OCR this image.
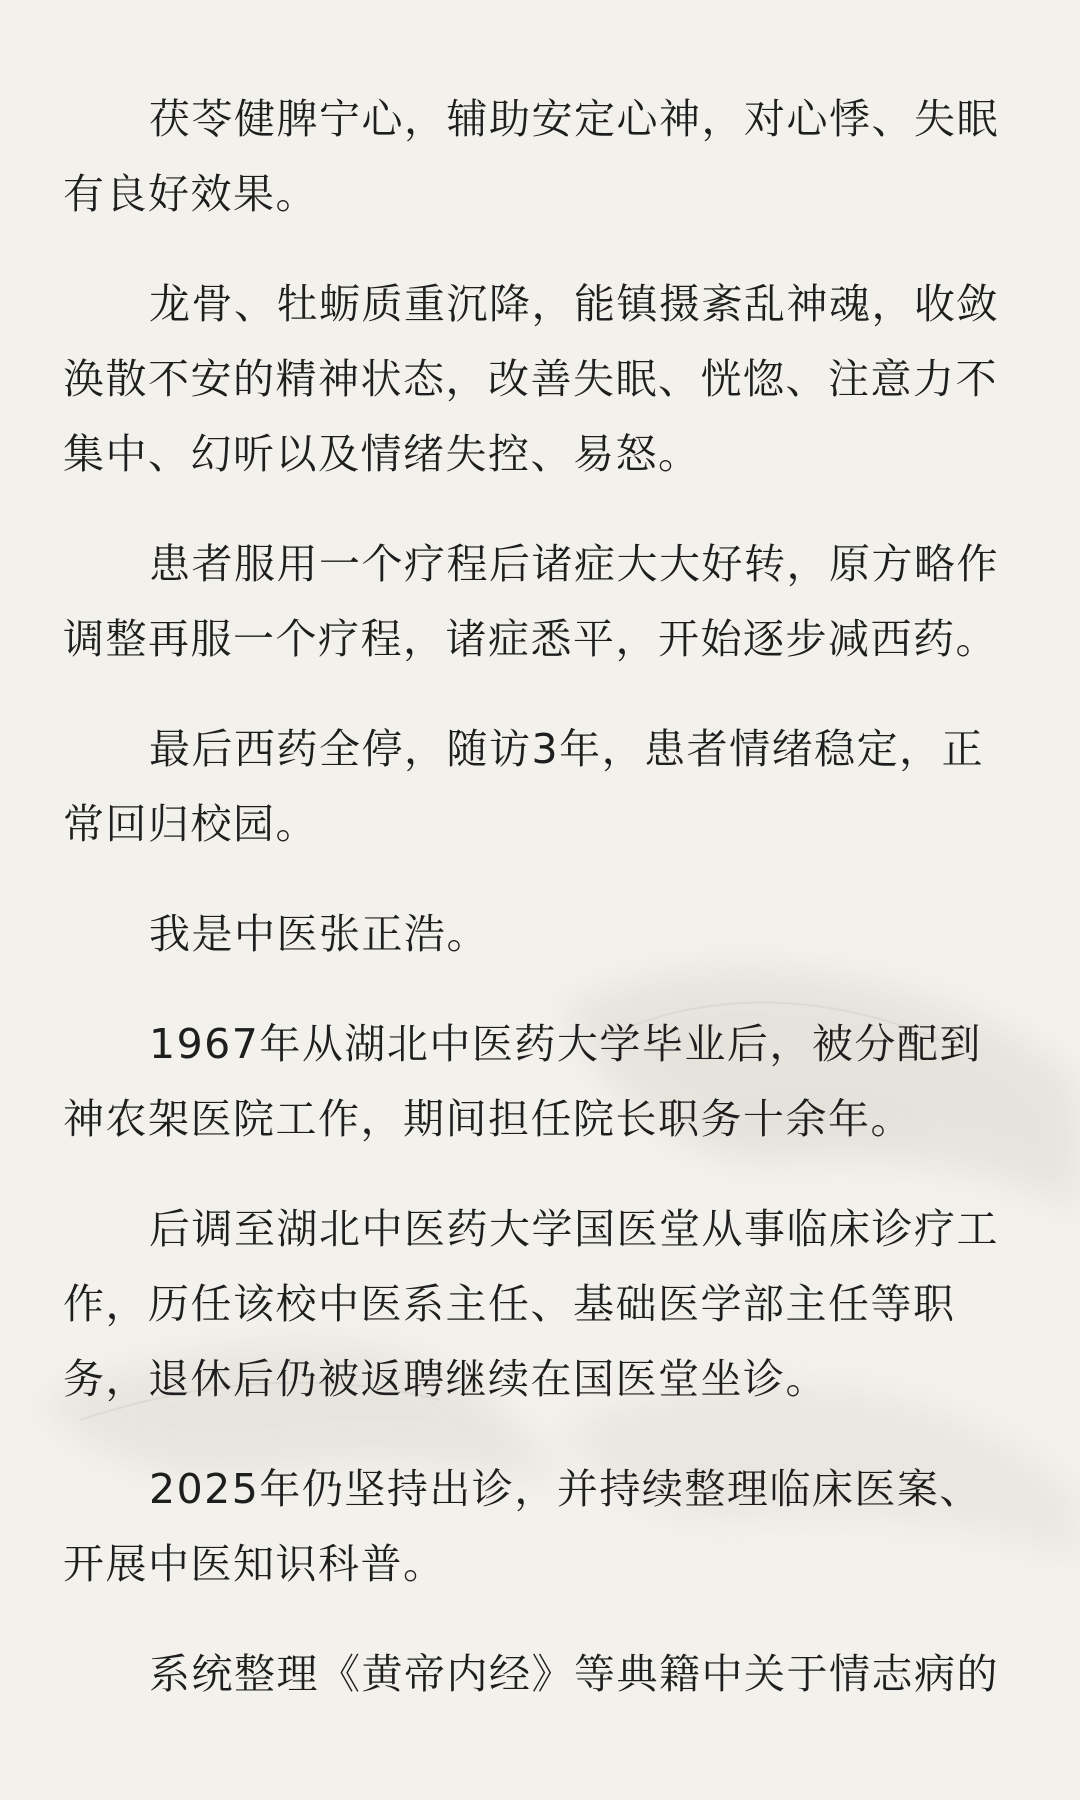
茯苓健脾宁心，辅助安定心神，对心悸、失眠有良好效果。

龙骨、牡蛎质重沉降，能镇摄紊乱神魂，收敛涣散不安的精神状态，改善失眠、恍惚、注意力不集中、幻听以及情绪失控、易怒。

患者服用一个疗程后诸症大大好转，原方略作调整再服一个疗程，诸症悉平，开始逐步减西药。

最后西药全停，随访3年，患者情绪稳定，正常回归校园。

我是中医张正浩。

1967年从湖北中医药大学毕业后，被分配到神农架医院工作，期间担任院长职务十余年。

后调至湖北中医药大学国医堂从事临床诊疗工作，历任该校中医系主任、基础医学部主任等职务，退休后仍被返聘继续在国医堂坐诊。

2025年仍坚持出诊，并持续整理临床医案、开展中医知识科普。

系统整理《黄帝内经》等典籍中关于情志病的
